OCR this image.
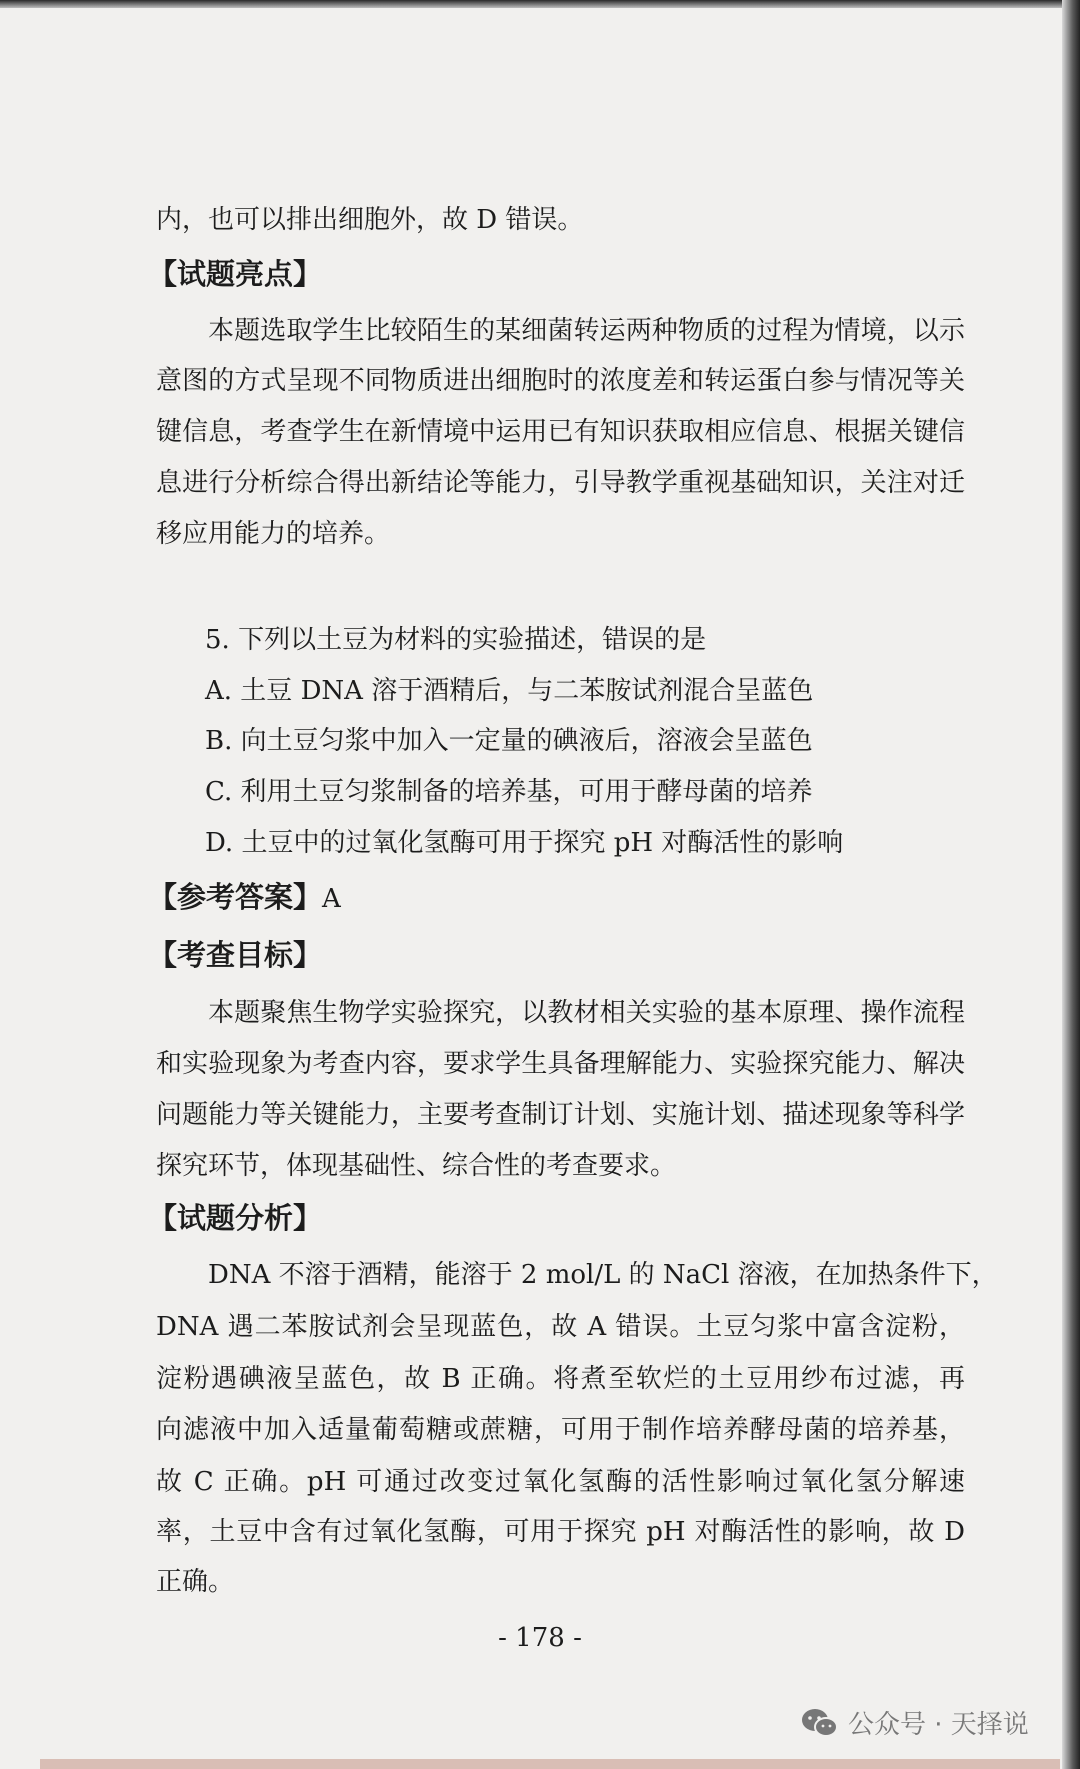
内，也可以排出细胞外，故 D 错误。
【试题亮点】
本题选取学生比较陌生的某细菌转运两种物质的过程为情境，以示
意图的方式呈现不同物质进出细胞时的浓度差和转运蛋白参与情况等关
键信息，考查学生在新情境中运用已有知识获取相应信息、根据关键信
息进行分析综合得出新结论等能力，引导教学重视基础知识，关注对迁
移应用能力的培养。
5. 下列以土豆为材料的实验描述，错误的是
A. 土豆 DNA 溶于酒精后，与二苯胺试剂混合呈蓝色
B. 向土豆匀浆中加入一定量的碘液后，溶液会呈蓝色
C. 利用土豆匀浆制备的培养基，可用于酵母菌的培养
D. 土豆中的过氧化氢酶可用于探究 pH 对酶活性的影响
【参考答案】A
【考查目标】
本题聚焦生物学实验探究，以教材相关实验的基本原理、操作流程
和实验现象为考查内容，要求学生具备理解能力、实验探究能力、解决
问题能力等关键能力，主要考查制订计划、实施计划、描述现象等科学
探究环节，体现基础性、综合性的考查要求。
【试题分析】
DNA 不溶于酒精，能溶于 2 mol/L 的 NaCl 溶液，在加热条件下，
DNA 遇二苯胺试剂会呈现蓝色，故 A 错误。土豆匀浆中富含淀粉，
淀粉遇碘液呈蓝色，故 B 正确。将煮至软烂的土豆用纱布过滤，再
向滤液中加入适量葡萄糖或蔗糖，可用于制作培养酵母菌的培养基，
故 C 正确。pH 可通过改变过氧化氢酶的活性影响过氧化氢分解速
率，土豆中含有过氧化氢酶，可用于探究 pH 对酶活性的影响，故 D
正确。
- 178 -
公众号 · 天择说
